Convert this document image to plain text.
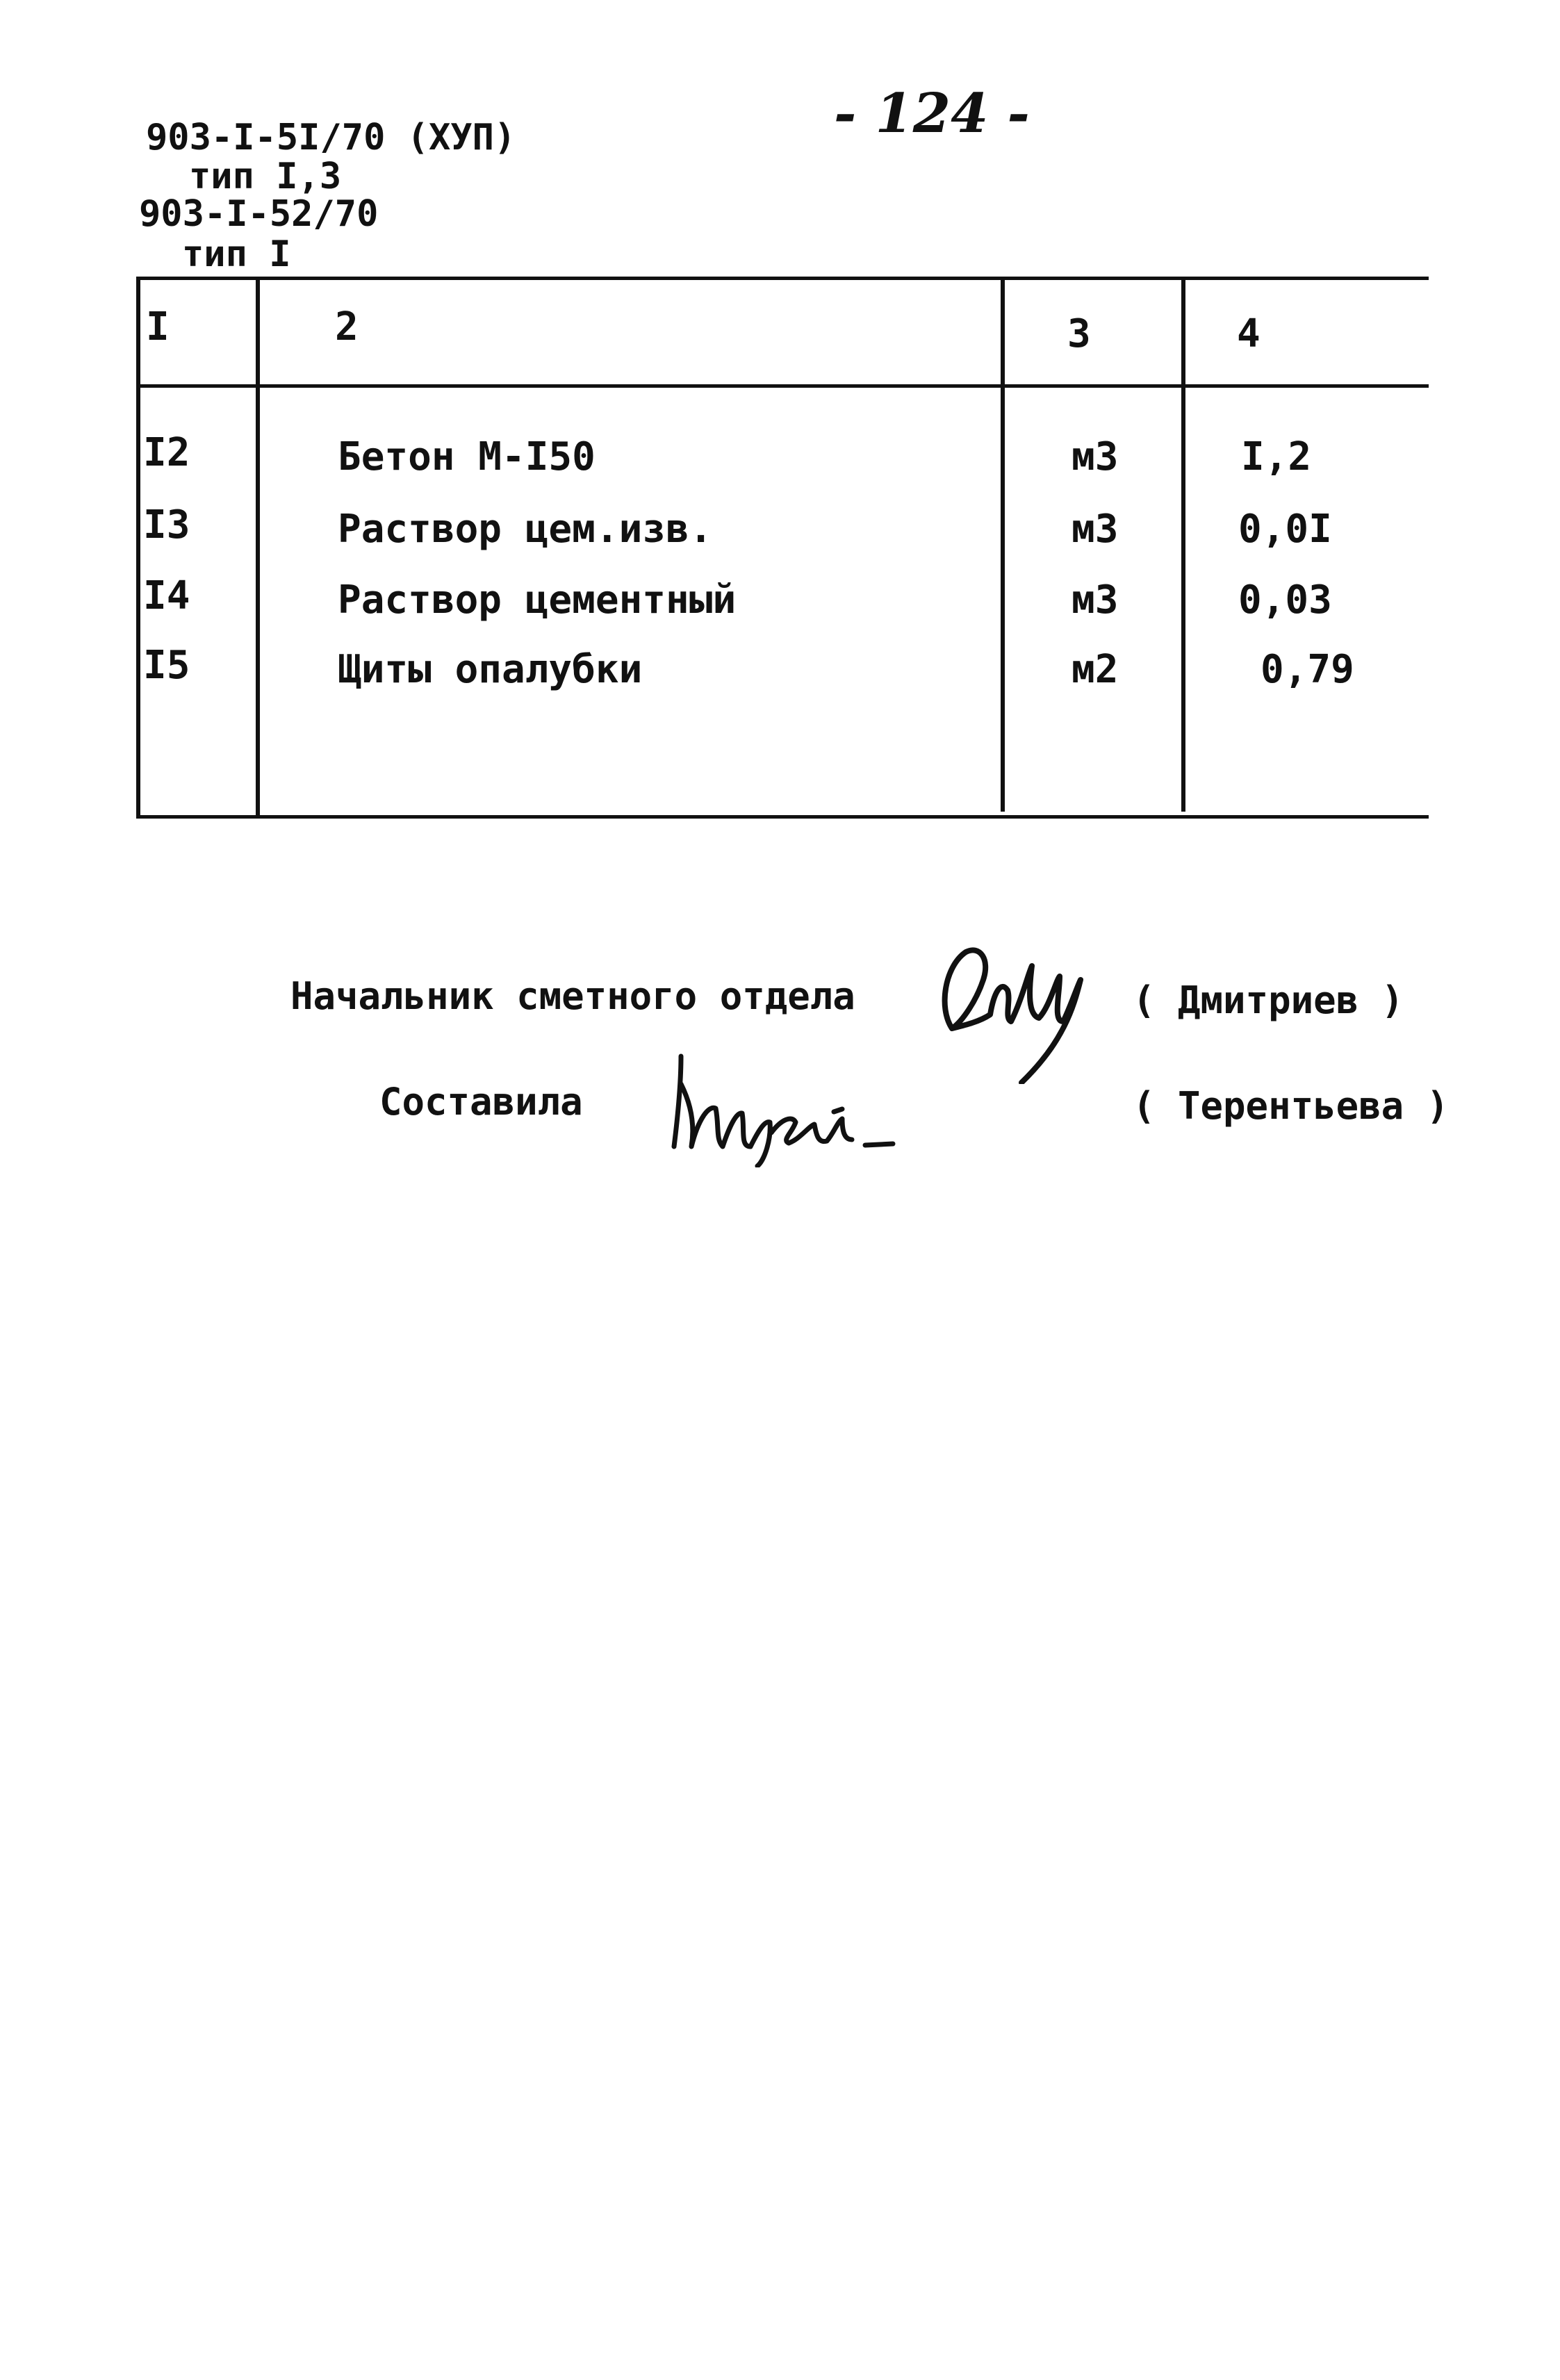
903-I-5I/70 (XУП)
тип I,3
903-I-52/70
тип I
- 124 -
I	2	3	4
I2	Бетон М-I50	м3	I,2
I3	Раствор цем.изв.	м3	0,0I
I4	Раствор цементный	м3	0,03
I5	Щиты опалубки	м2	0,79
Начальник сметного отдела	( Дмитриев )
Составила	( Терентьева )
